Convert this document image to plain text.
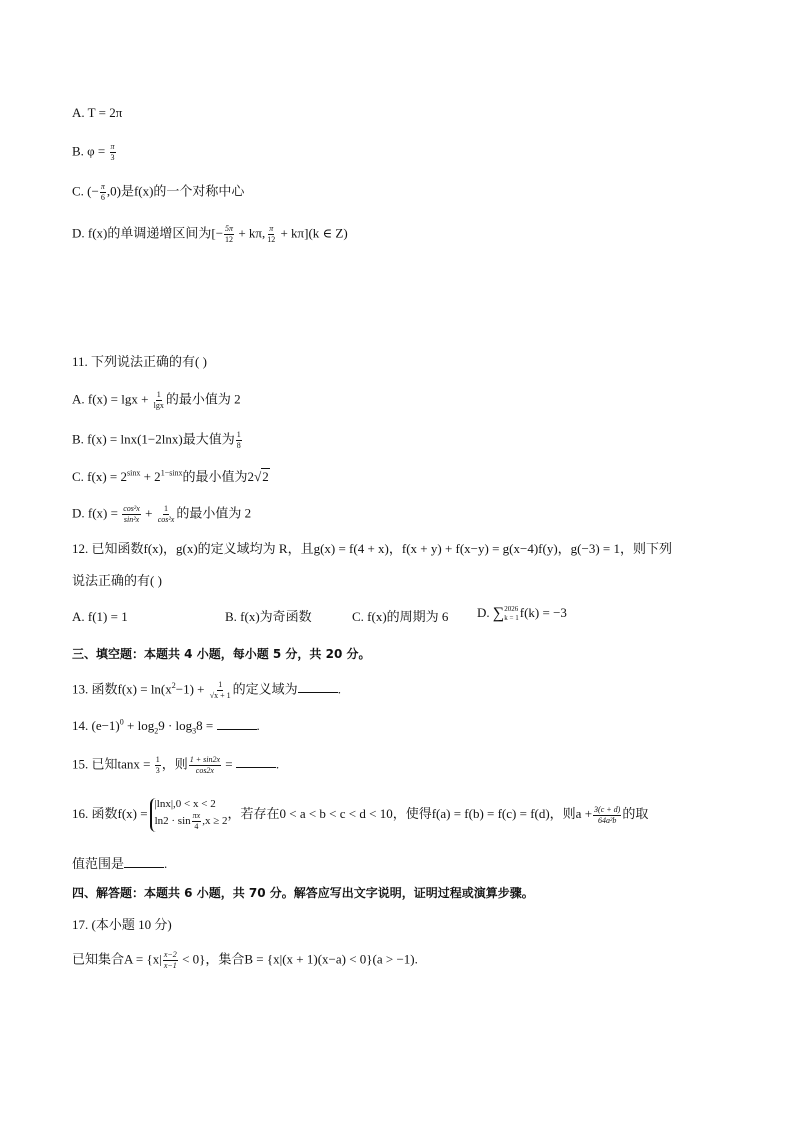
A. T = 2π
B. $\varphi = \frac{\pi}{3}$
C. (− $\frac{\pi}{6} ,0$)是f(x)的一个对称中心
D. f(x)的单调递增区间为[− $\frac{5\pi}{12} + k\pi$, $\frac{\pi}{12} + k\pi](k$ ∈ Z)
11. 下列说法正确的有( )
A. $f(x) = \lg x + \frac{1}{\lg x}$ 的最小值为 2
B. f(x) = lnx(1−2lnx)最大值为 $\frac{1}{8}$
C. $f(x) = 2^{sinx} + 2^{1-sinx}$的最小值为2√2
D. $f(x) = \frac{\text{cos²x}}{\text{sin²x}} + \frac{1}{\text{cos²x}}$ 的最小值为 2
12. 已知函数f(x)，g(x)的定义域均为 R，且g(x) = f(4 + x)，f(x + y) + f(x−y) = g(x−4)f(y)，g(−3) = 1，则下列
说法正确的有( )
A. f(1) = 1	B. f(x)为奇函数	C. f(x)的周期为 6 D. ∑ 2026
k = 1 f(k) = −3
三、填空题：本题共 4 小题，每小题 5 分，共 20 分。
13. 函数$f(x) = \ln(x^2-1) + \frac{1}{√x + 1}$ 的定义域为	.
14. $(e-1)^0 + \log_29 \cdot \log_38$ =	.
15. 已知$\tan x = \frac{1}{3}$ ，则 $\frac{1 + \sin 2x}{\cos 2x}$ =	.
16. 函数f(x) =
|lnx|,0 < x < 2
$\ln 2 \cdot \sin \frac{\pi x}{4} ,x \ge 2$
，若存在0 < a < b < c < d < 10，使得f(a) = f(b) = f(c) = f(d)，则$a + \frac{3(c + d)}{\text{64a²b}}$ 的取
值范围是	.
四、解答题：本题共 6 小题，共 70 分。解答应写出文字说明，证明过程或演算步骤。
17. (本小题 10 分)
已知集合$A = \{x| \frac{x-2}{x-1} < 0\}$，集合B = {x|(x + 1)(x−a) < 0}(a > −1).
